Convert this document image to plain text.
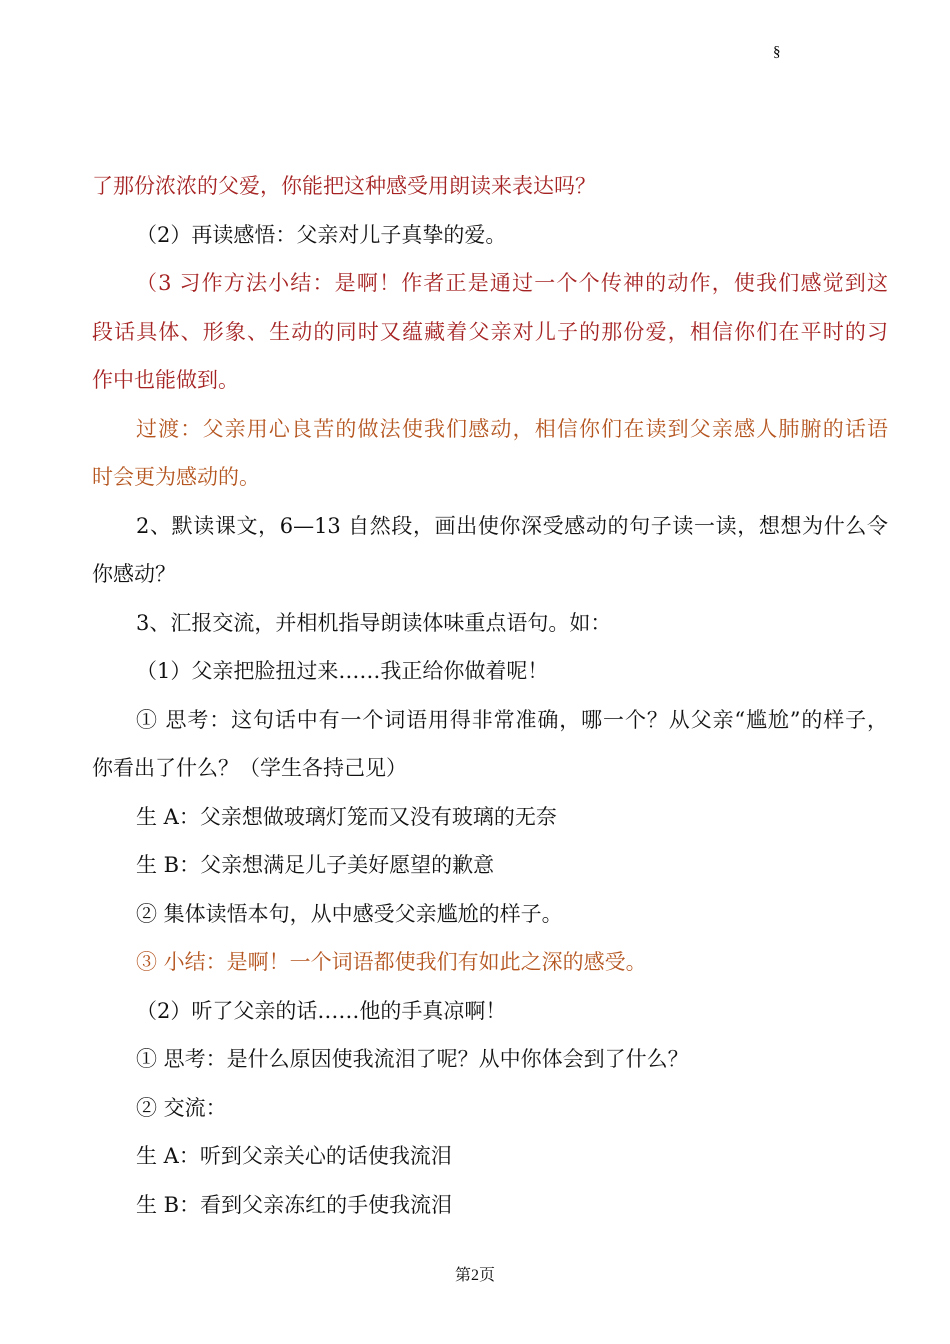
§
了那份浓浓的父爱，你能把这种感受用朗读来表达吗？
（2）再读感悟：父亲对儿子真挚的爱。
（3 习作方法小结：是啊！作者正是通过一个个传神的动作，使我们感觉到这
段话具体、形象、生动的同时又蕴藏着父亲对儿子的那份爱，相信你们在平时的习
作中也能做到。
过渡：父亲用心良苦的做法使我们感动，相信你们在读到父亲感人肺腑的话语
时会更为感动的。
2、默读课文，6—13 自然段，画出使你深受感动的句子读一读，想想为什么令
你感动？
3、汇报交流，并相机指导朗读体味重点语句。如：
（1）父亲把脸扭过来……我正给你做着呢！
① 思考：这句话中有一个词语用得非常准确，哪一个？从父亲“尴尬”的样子，
你看出了什么？（学生各持己见）
生 A：父亲想做玻璃灯笼而又没有玻璃的无奈
生 B：父亲想满足儿子美好愿望的歉意
② 集体读悟本句，从中感受父亲尴尬的样子。
③ 小结：是啊！一个词语都使我们有如此之深的感受。
（2）听了父亲的话……他的手真凉啊！
① 思考：是什么原因使我流泪了呢？从中你体会到了什么？
② 交流：
生 A：听到父亲关心的话使我流泪
生 B：看到父亲冻红的手使我流泪
第2页
